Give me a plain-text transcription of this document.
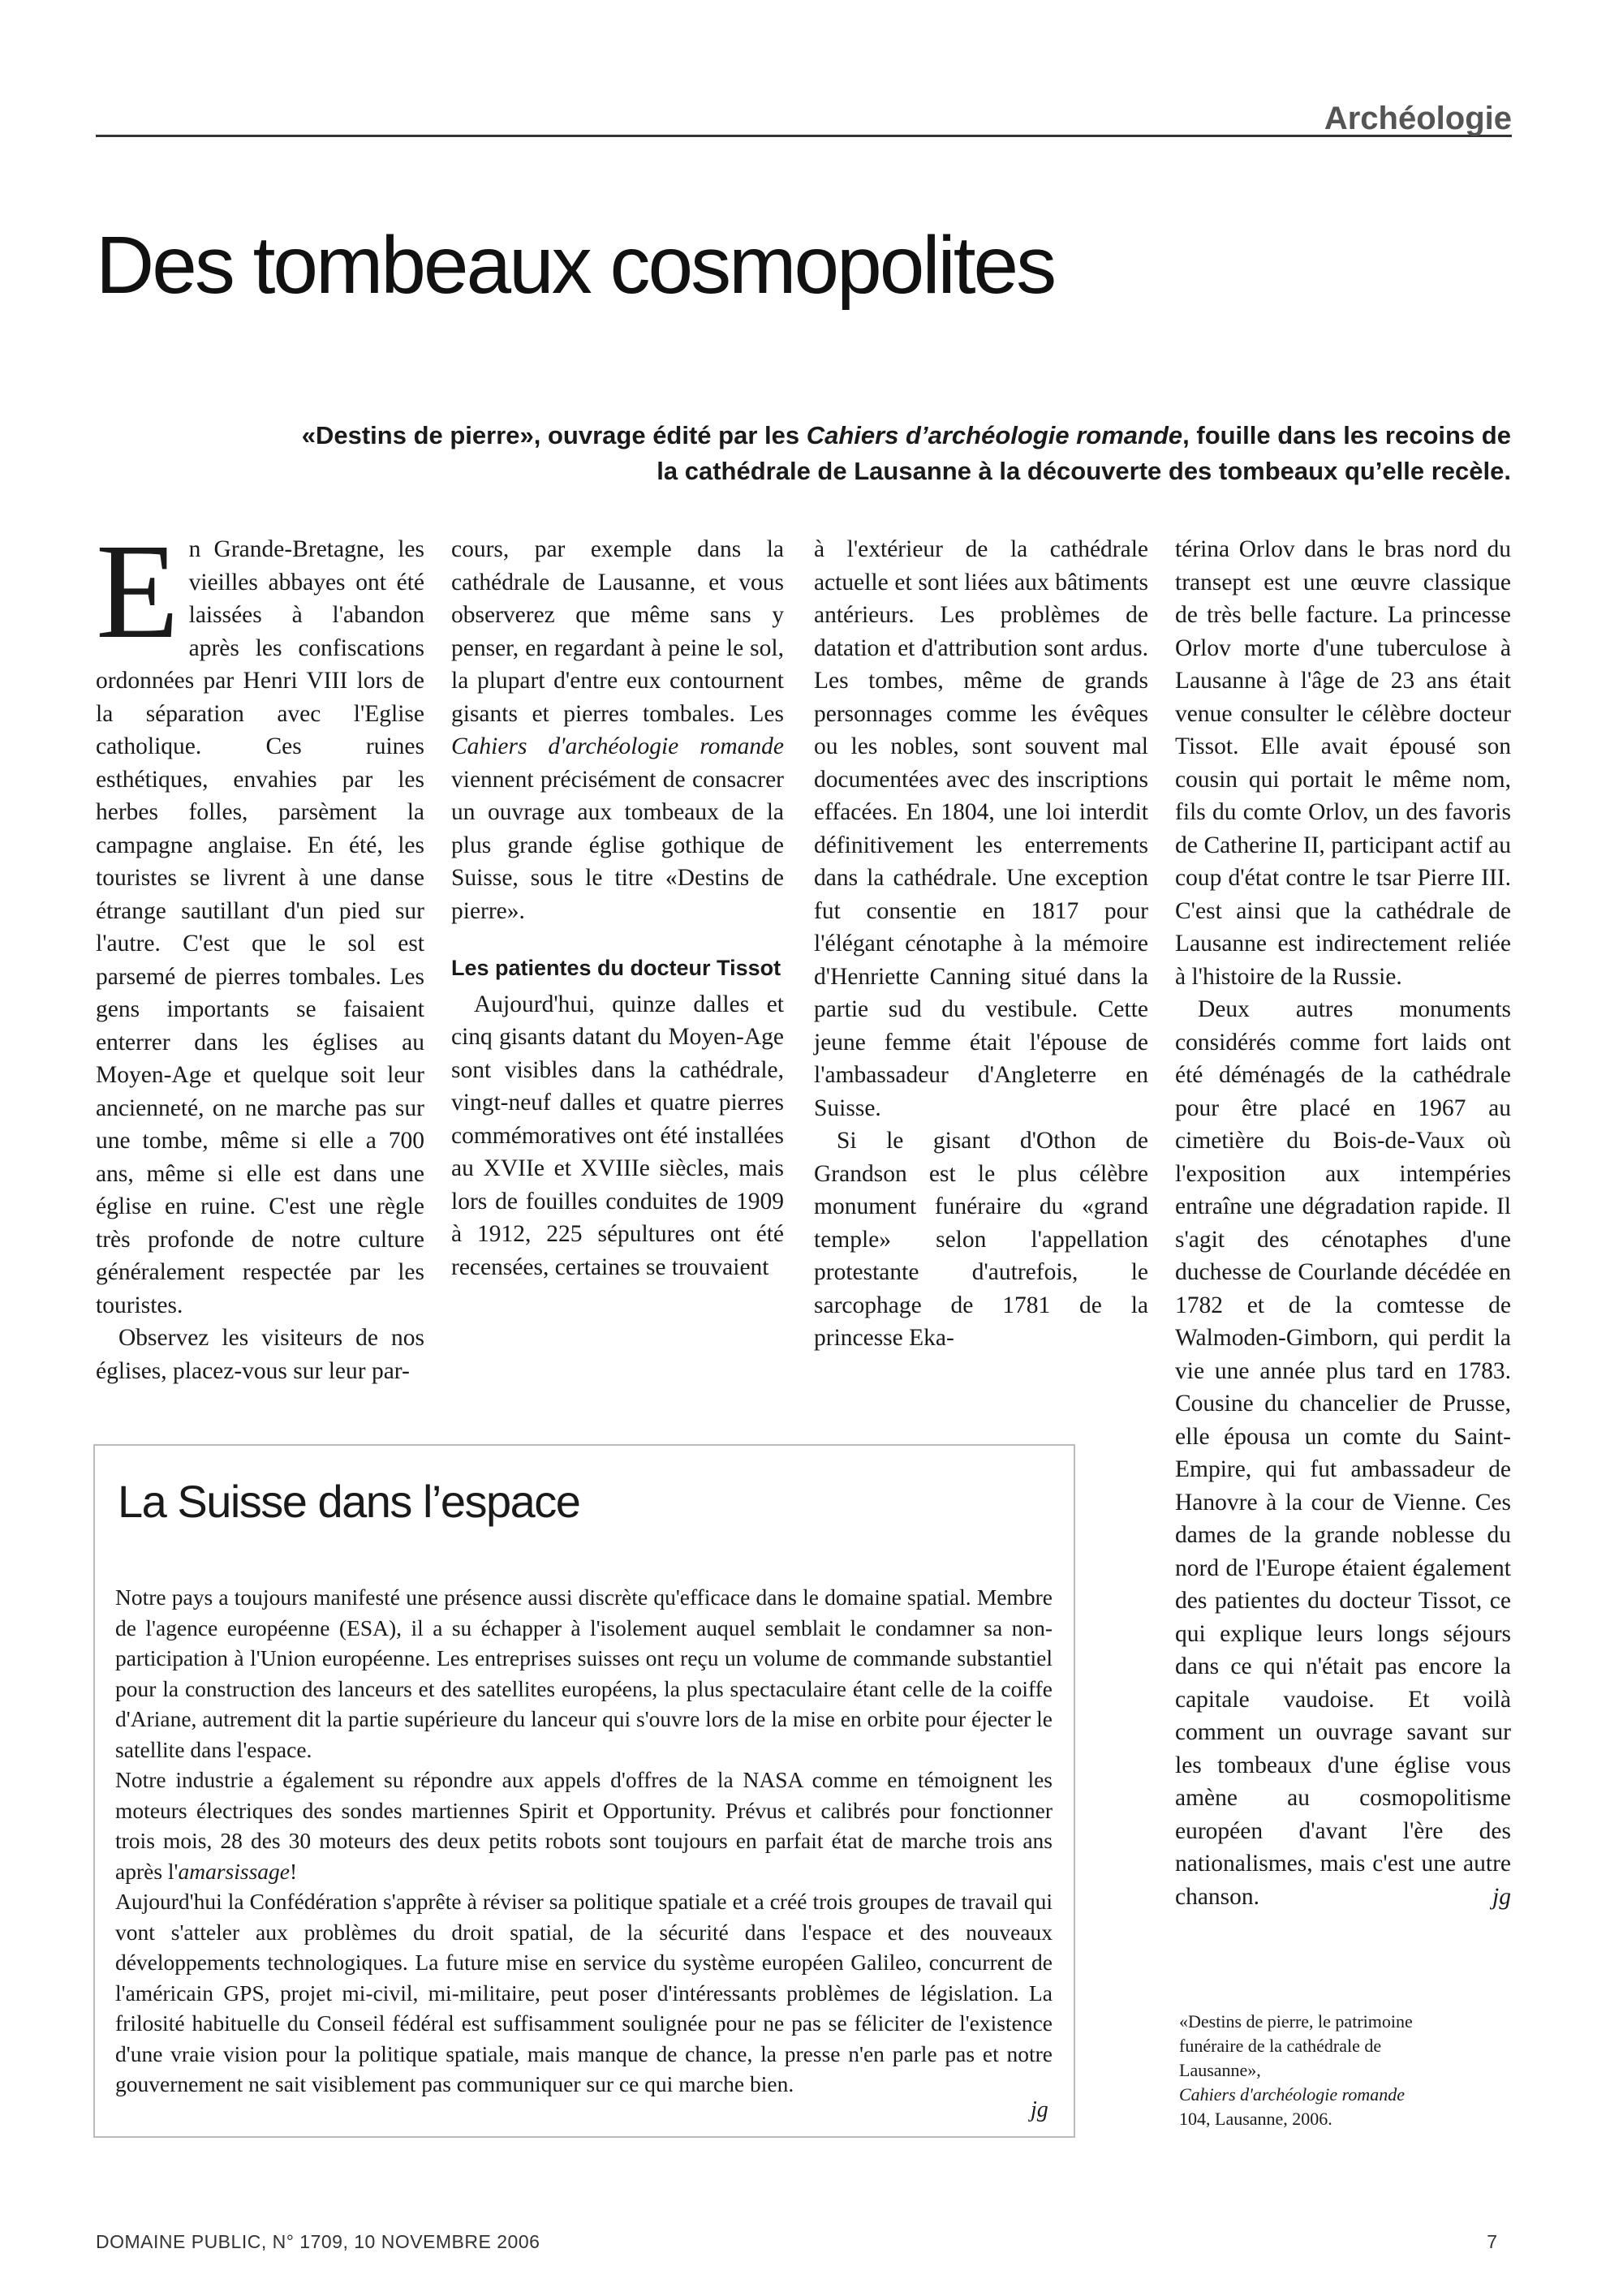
Archéologie
Des tombeaux cosmopolites
«Destins de pierre», ouvrage édité par les Cahiers d’archéologie romande, fouille dans les recoins de la cathédrale de Lausanne à la découverte des tombeaux qu’elle recèle.

En Grande-Bretagne, les vieilles abbayes ont été laissées à l'abandon après les confiscations ordonnées par Henri VIII lors de la séparation avec l'Eglise catholique. Ces ruines esthétiques, envahies par les herbes folles, parsèment la campagne anglaise. En été, les touristes se livrent à une danse étrange sautillant d'un pied sur l'autre. C'est que le sol est parsemé de pierres tombales. Les gens importants se faisaient enterrer dans les églises au Moyen-Age et quelque soit leur ancienneté, on ne marche pas sur une tombe, même si elle a 700 ans, même si elle est dans une église en ruine. C'est une règle très profonde de notre culture généralement respectée par les touristes.

Observez les visiteurs de nos églises, placez-vous sur leur par-

cours, par exemple dans la cathédrale de Lausanne, et vous observerez que même sans y penser, en regardant à peine le sol, la plupart d'entre eux contournent gisants et pierres tombales. Les Cahiers d'archéologie romande viennent précisément de consacrer un ouvrage aux tombeaux de la plus grande église gothique de Suisse, sous le titre «Destins de pierre».

Les patientes du docteur Tissot

Aujourd'hui, quinze dalles et cinq gisants datant du Moyen-Age sont visibles dans la cathédrale, vingt-neuf dalles et quatre pierres commémoratives ont été installées au XVIIe et XVIIIe siècles, mais lors de fouilles conduites de 1909 à 1912, 225 sépultures ont été recensées, certaines se trouvaient

à l'extérieur de la cathédrale actuelle et sont liées aux bâtiments antérieurs. Les problèmes de datation et d'attribution sont ardus. Les tombes, même de grands personnages comme les évêques ou les nobles, sont souvent mal documentées avec des inscriptions effacées. En 1804, une loi interdit définitivement les enterrements dans la cathédrale. Une exception fut consentie en 1817 pour l'élégant cénotaphe à la mémoire d'Henriette Canning situé dans la partie sud du vestibule. Cette jeune femme était l'épouse de l'ambassadeur d'Angleterre en Suisse.

Si le gisant d'Othon de Grandson est le plus célèbre monument funéraire du «grand temple» selon l'appellation protestante d'autrefois, le sarcophage de 1781 de la princesse Eka-

térina Orlov dans le bras nord du transept est une œuvre classique de très belle facture. La princesse Orlov morte d'une tuberculose à Lausanne à l'âge de 23 ans était venue consulter le célèbre docteur Tissot. Elle avait épousé son cousin qui portait le même nom, fils du comte Orlov, un des favoris de Catherine II, participant actif au coup d'état contre le tsar Pierre III. C'est ainsi que la cathédrale de Lausanne est indirectement reliée à l'histoire de la Russie.

Deux autres monuments considérés comme fort laids ont été déménagés de la cathédrale pour être placé en 1967 au cimetière du Bois-de-Vaux où l'exposition aux intempéries entraîne une dégradation rapide. Il s'agit des cénotaphes d'une duchesse de Courlande décédée en 1782 et de la comtesse de Walmoden-Gimborn, qui perdit la vie une année plus tard en 1783. Cousine du chancelier de Prusse, elle épousa un comte du Saint-Empire, qui fut ambassadeur de Hanovre à la cour de Vienne. Ces dames de la grande noblesse du nord de l'Europe étaient également des patientes du docteur Tissot, ce qui explique leurs longs séjours dans ce qui n'était pas encore la capitale vaudoise. Et voilà comment un ouvrage savant sur les tombeaux d'une église vous amène au cosmopolitisme européen d'avant l'ère des nationalismes, mais c'est une autre chanson.	jg

La Suisse dans l’espace

Notre pays a toujours manifesté une présence aussi discrète qu'efficace dans le domaine spatial. Membre de l'agence européenne (ESA), il a su échapper à l'isolement auquel semblait le condamner sa non-participation à l'Union européenne. Les entreprises suisses ont reçu un volume de commande substantiel pour la construction des lanceurs et des satellites européens, la plus spectaculaire étant celle de la coiffe d'Ariane, autrement dit la partie supérieure du lanceur qui s'ouvre lors de la mise en orbite pour éjecter le satellite dans l'espace.

Notre industrie a également su répondre aux appels d'offres de la NASA comme en témoignent les moteurs électriques des sondes martiennes Spirit et Opportunity. Prévus et calibrés pour fonctionner trois mois, 28 des 30 moteurs des deux petits robots sont toujours en parfait état de marche trois ans après l'amarsissage!

Aujourd'hui la Confédération s'apprête à réviser sa politique spatiale et a créé trois groupes de travail qui vont s'atteler aux problèmes du droit spatial, de la sécurité dans l'espace et des nouveaux développements technologiques. La future mise en service du système européen Galileo, concurrent de l'américain GPS, projet mi-civil, mi-militaire, peut poser d'intéressants problèmes de législation. La frilosité habituelle du Conseil fédéral est suffisamment soulignée pour ne pas se féliciter de l'existence d'une vraie vision pour la politique spatiale, mais manque de chance, la presse n'en parle pas et notre gouvernement ne sait visiblement pas communiquer sur ce qui marche bien.

jg
«Destins de pierre, le patrimoine funéraire de la cathédrale de Lausanne»,
Cahiers d'archéologie romande 104, Lausanne, 2006.
DOMAINE PUBLIC, N° 1709, 10 NOVEMBRE 2006	7
